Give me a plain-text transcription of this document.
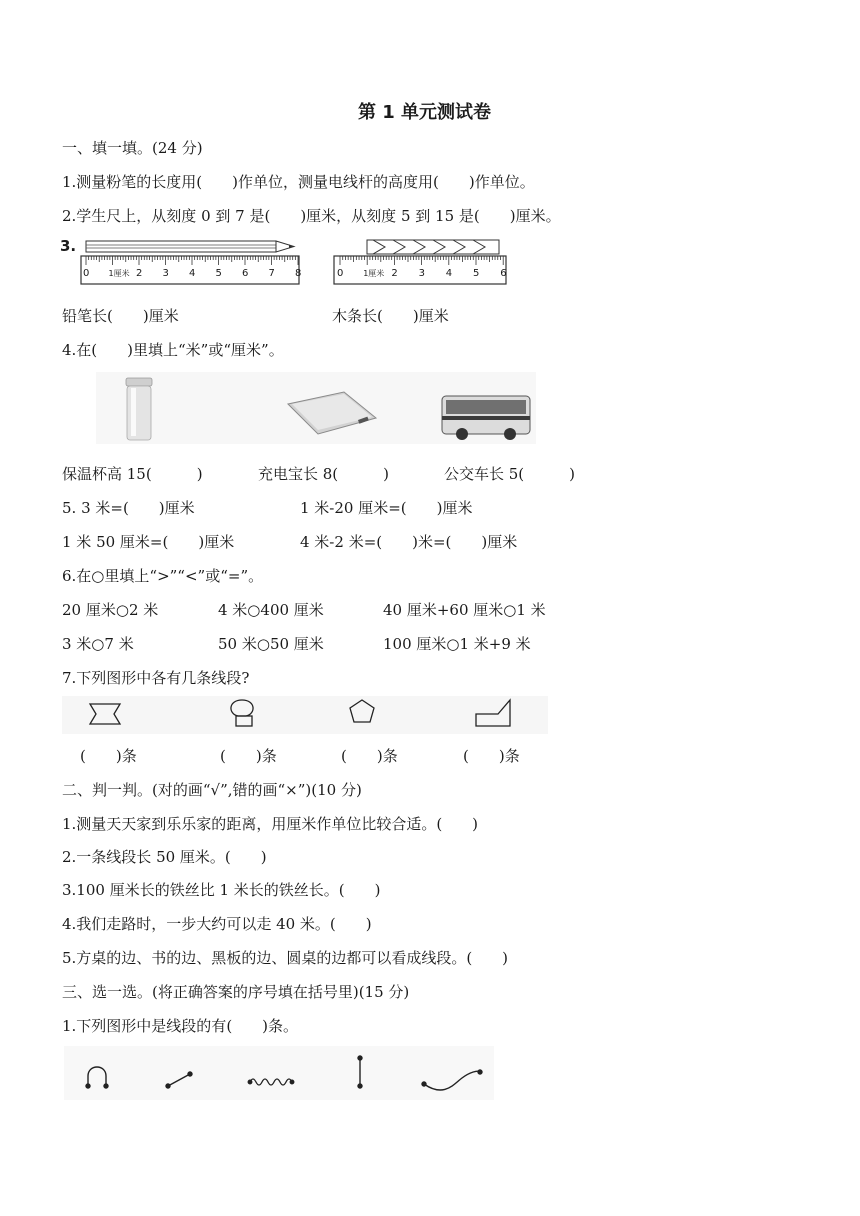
第 1 单元测试卷
一、填一填。(24 分)
1.测量粉笔的长度用(　　)作单位，测量电线杆的高度用(　　)作单位。
2.学生尺上，从刻度 0 到 7 是(　　)厘米，从刻度 5 到 15 是(　　)厘米。
3.
0 1厘米 2 3 4 5 6 7 8	0 1厘米 2 3 4 5 6
铅笔长(　　)厘米	木条长(　　)厘米
4.在(　　)里填上“米”或“厘米”。
保温杯高 15(　　　)	充电宝长 8(　　　)	公交车长 5(　　　)
5. 3 米=(　　)厘米	1 米-20 厘米=(　　)厘米
1 米 50 厘米=(　　)厘米	4 米-2 米=(　　)米=(　　)厘米
6.在○里填上“>”“<”或“=”。
20 厘米○2 米	4 米○400 厘米	40 厘米+60 厘米○1 米
3 米○7 米	50 米○50 厘米	100 厘米○1 米+9 米
7.下列图形中各有几条线段?
(　　)条	(　　)条	(　　)条	(　　)条
二、判一判。(对的画“√”,错的画“×”)(10 分)
1.测量天天家到乐乐家的距离，用厘米作单位比较合适。(　　)
2.一条线段长 50 厘米。(　　)
3.100 厘米长的铁丝比 1 米长的铁丝长。(　　)
4.我们走路时，一步大约可以走 40 米。(　　)
5.方桌的边、书的边、黑板的边、圆桌的边都可以看成线段。(　　)
三、选一选。(将正确答案的序号填在括号里)(15 分)
1.下列图形中是线段的有(　　)条。
